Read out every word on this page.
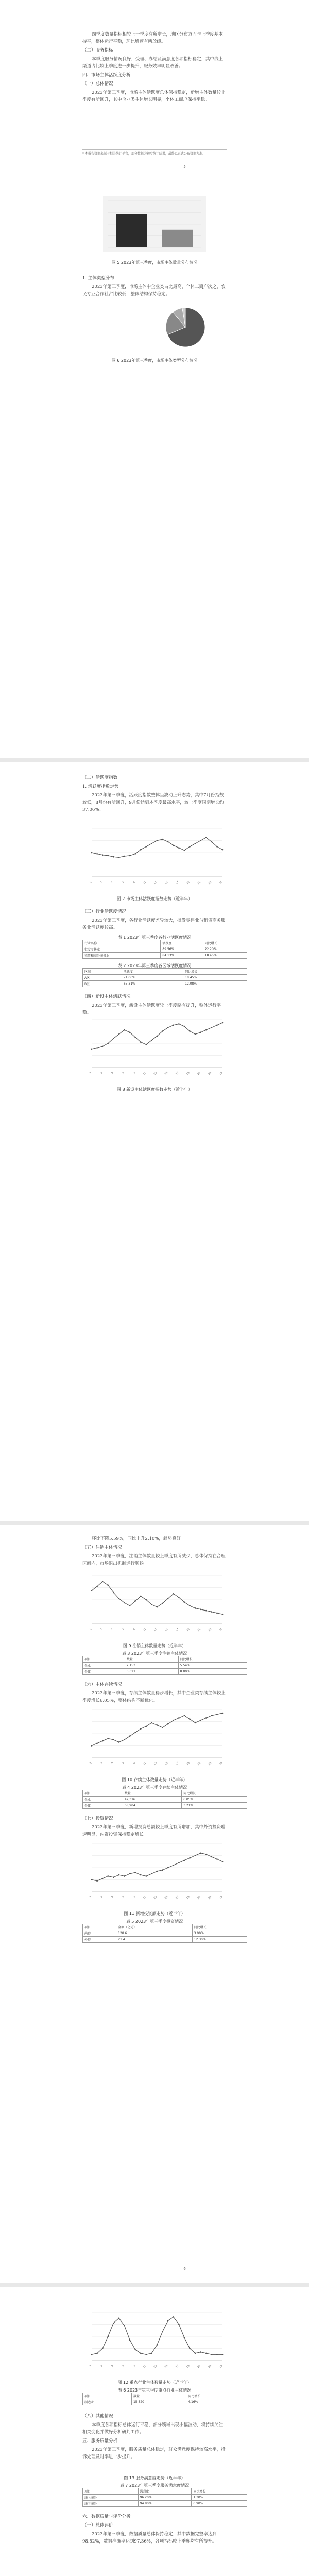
四季度数量指标相较上一季度有所增长，地区分布方面与上季度基本持平，整体运行平稳，环比增速有所放缓。

（二）服务指标

本季度服务情况良好，受理、办结及满意度各项指标稳定，其中线上渠道占比较上季度进一步提升，服务效率明显改善。

四、市场主体活跃度分析

（一）总体情况

2023年第三季度，市场主体活跃度总体保持稳定，新增主体数量较上季度有所回升，其中企业类主体增长明显，个体工商户保持平稳。

* 本报告数据来源于相关统计平台，部分数据为初步统计结果，最终以正式公布数据为准。
— 5 —
图 5 2023年第三季度，市场主体数量分布情况

1. 主体类型分布

2023年第三季度，市场主体中企业类占比最高，个体工商户次之，农民专业合作社占比较低，整体结构保持稳定。

图 6 2023年第三季度，市场主体类型分布情况

（二）活跃度指数

1. 活跃度指数走势

2023年第三季度，活跃度指数整体呈波动上升态势，其中7月份指数较低，8月份有所回升，9月份达到本季度最高水平，较上季度同期增长约37.06%。

1	3	5	7	9 11 13 15 17 19 21 23 25
图 7 市场主体活跃度指数走势（近半年）

（三）行业活跃度情况

2023年第三季度，各行业活跃度差异较大，批发零售业与租赁商务服务业活跃度较高。

表 1 2023年第三季度各行业活跃度情况
行业名称	活跃度	同比增长
批发零售业	89.56%	22.20%
租赁和商务服务业	84.13%	18.45%
表 2 2023年第三季度各区域活跃度情况
区域	活跃度	同比增长
A区	71.06%	18.45%
B区	65.31%	12.08%

（四）新设主体活跃情况

2023年第三季度，新设主体活跃度较上季度略有提升，整体运行平稳。

1	3	5	7	9 11 13 15 17 19 21 23 25
图 8 新设主体活跃度指数走势（近半年）

环比下降5.59%，同比上升2.10%，趋势良好。

（五）注销主体情况

2023年第三季度，注销主体数量较上季度有所减少，总体保持在合理区间内，市场退出机制运行顺畅。

1	3	5	7	9 11 13 15 17 19 21 23 25
图 9 注销主体数量走势（近半年）
表 3 2023年第三季度注销主体情况
项目	数量	同比增长
企业	2,153	5.54%
个体	3,021	8.80%

（六）主体存续情况

2023年第三季度，存续主体数量稳步增长，其中企业类存续主体较上季度增长6.05%，整体结构不断优化。

1	3	5	7	9 11 13 15 17 19 21 23 25
图 10 存续主体数量走势（近半年）
表 4 2023年第三季度存续主体情况
项目	数量	同比增长
企业	42,316	6.05%
个体	68,904	3.21%

（七）投资情况

2023年第三季度，新增投资总额较上季度有所增加，其中外资投资增速明显，内资投资保持稳定增长。

1	3	5	7	9 11 13 15 17 19 21 23 25
图 11 新增投资额走势（近半年）
表 5 2023年第三季度投资情况
项目	金额（亿元）	同比增长
内资	128.6	3.90%
外资	21.4	12.30%
— 6 —
1	3	5	7	9 11 13 15 17 19 21 23 25
图 12 重点行业主体数量走势（近半年）
表 6 2023年第三季度重点行业主体情况
项目	数量	同比增长
制造业	15,320	4.16%

（八）其他情况

本季度各项指标总体运行平稳，部分领域出现小幅波动，将持续关注相关变化并做好分析研判工作。

五、服务质量分析

2023年第三季度，服务质量总体稳定，群众满意度保持较高水平，投诉处理及时率进一步提升。

图 13 服务满意度走势（近半年）
表 7 2023年第三季度服务满意度情况
项目	满意度	同比增长
线上服务	96.20%	1.30%
线下服务	94.80%	0.90%

六、数据质量与评价分析

（一）总体评价

2023年第三季度，数据质量总体保持稳定，其中数据完整率达到98.52%，数据准确率达到97.36%，各项指标较上季度均有所提升。
